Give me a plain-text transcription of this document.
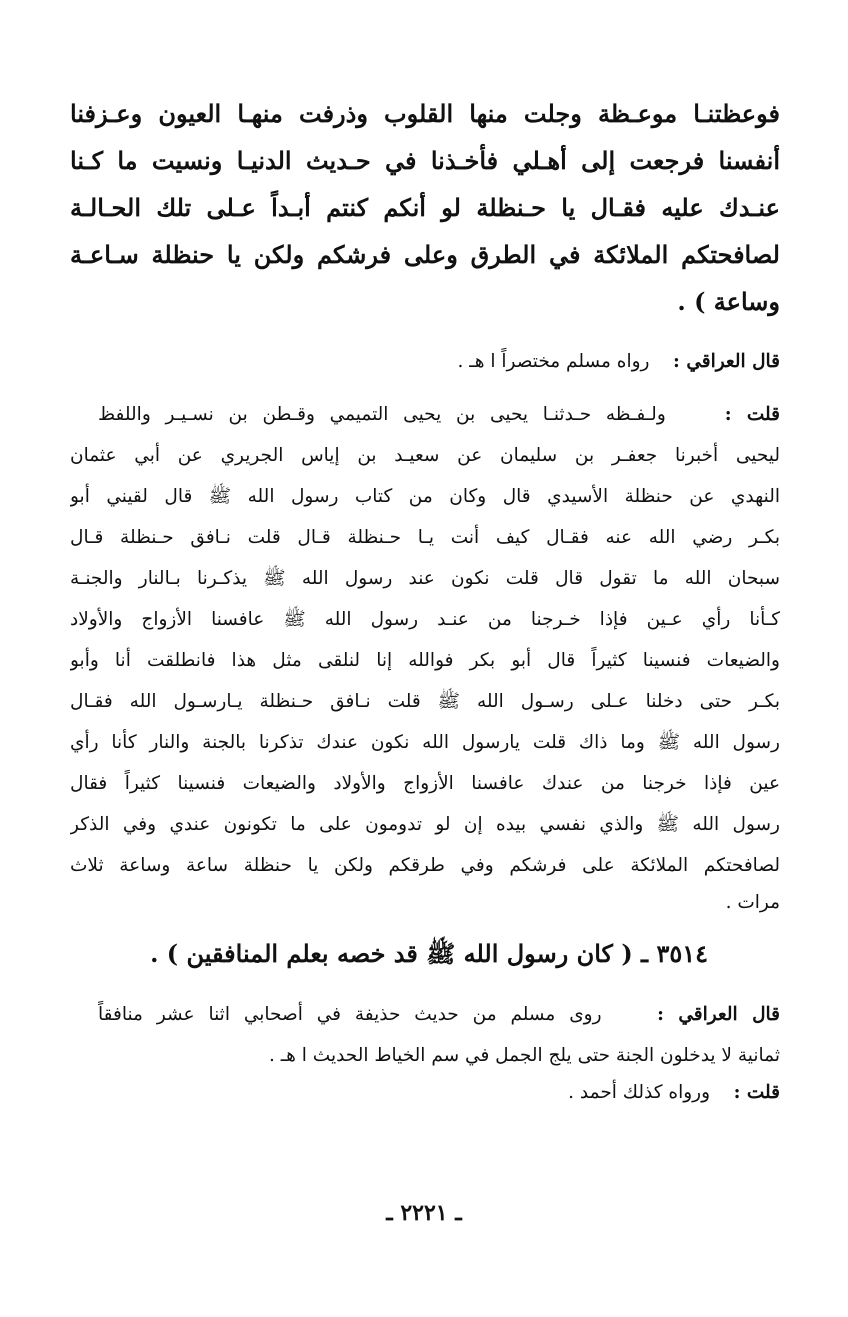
فوعظتنـا موعـظة وجلت منها القلوب وذرفت منهـا العيون وعـزفنا
أنفسنا فرجعت إلى أهـلي فأخـذنا في حـديث الدنيـا ونسيت ما كـنا
عنـدك عليه فقـال يا حـنظلة لو أنكم كنتم أبـداً عـلى تلك الحـالـة
لصافحتكم الملائكة في الطرق وعلى فرشكم ولكن يا حنظلة سـاعـة
وساعة ) .
قال العراقي :    رواه مسلم مختصراً ا هـ .
قلت :    ولـفـظه حـدثنـا يحيى بن يحيى التميمي وقـطن بن نسـيـر واللفظ
ليحيى أخبرنا جعفـر بن سليمان عن سعيـد بن إياس الجريري عن أبي عثمان
النهدي عن حنظلة الأسيدي قال وكان من كتاب رسول الله ﷺ قال لقيني أبو
بكـر رضي الله عنه فقـال كيف أنت يـا حـنظلة قـال قلت نـافق حـنظلة قـال
سبحان الله ما تقول قال قلت نكون عند رسول الله ﷺ يذكـرنا بـالنار والجنـة
كـأنا رأي عـين فإذا خـرجنا من عنـد رسول الله ﷺ عافسنا الأزواج والأولاد
والضيعات فنسينا كثيراً قال أبو بكر فوالله إنا لنلقى مثل هذا فانطلقت أنا وأبو
بكـر حتى دخلنا عـلى رسـول الله ﷺ قلت نـافق حـنظلة يـارسـول الله فقـال
رسول الله ﷺ وما ذاك قلت يارسول الله نكون عندك تذكرنا بالجنة والنار كأنا رأي
عين فإذا خرجنا من عندك عافسنا الأزواج والأولاد والضيعات فنسينا كثيراً فقال
رسول الله ﷺ والذي نفسي بيده إن لو تدومون على ما تكونون عندي وفي الذكر
لصافحتكم الملائكة على فرشكم وفي طرقكم ولكن يا حنظلة ساعة وساعة ثلاث
مرات .
٣٥١٤ ـ ( كان رسول الله ﷺ قد خصه بعلم المنافقين ) .
قال العراقي :    روى مسلم من حديث حذيفة في أصحابي اثنا عشر منافقاً
ثمانية لا يدخلون الجنة حتى يلج الجمل في سم الخياط الحديث ا هـ .
قلت :    ورواه كذلك أحمد .
ـ ٢٢٢١ ـ
